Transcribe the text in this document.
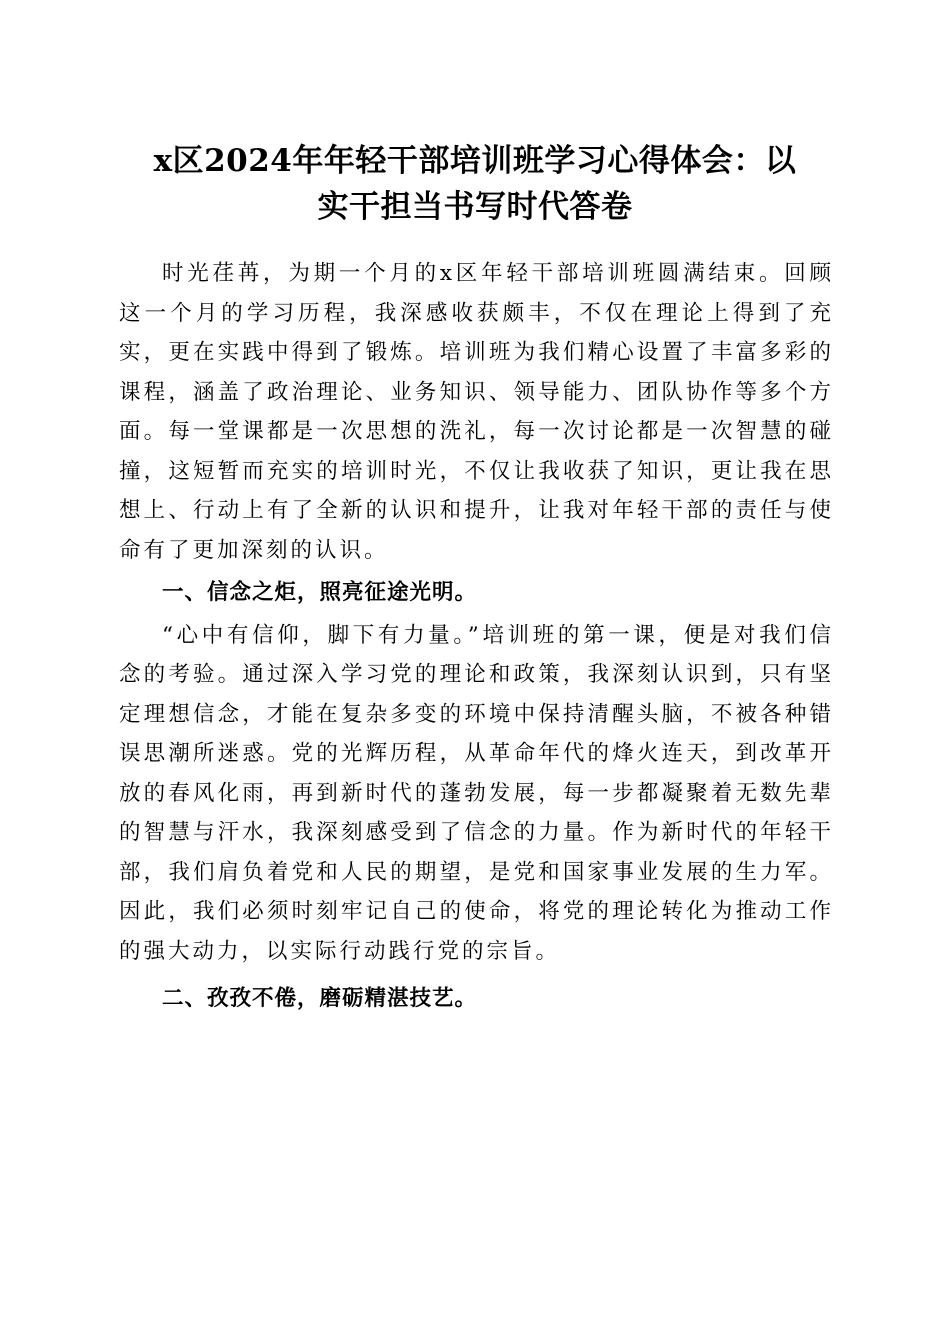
x区2024年年轻干部培训班学习心得体会：以
实干担当书写时代答卷

时光荏苒，为期一个月的x区年轻干部培训班圆满结束。回顾这一个月的学习历程，我深感收获颇丰，不仅在理论上得到了充实，更在实践中得到了锻炼。培训班为我们精心设置了丰富多彩的课程，涵盖了政治理论、业务知识、领导能力、团队协作等多个方面。每一堂课都是一次思想的洗礼，每一次讨论都是一次智慧的碰撞，这短暂而充实的培训时光，不仅让我收获了知识，更让我在思想上、行动上有了全新的认识和提升，让我对年轻干部的责任与使命有了更加深刻的认识。

一、信念之炬，照亮征途光明。

“心中有信仰，脚下有力量。”培训班的第一课，便是对我们信念的考验。通过深入学习党的理论和政策，我深刻认识到，只有坚定理想信念，才能在复杂多变的环境中保持清醒头脑，不被各种错误思潮所迷惑。党的光辉历程，从革命年代的烽火连天，到改革开放的春风化雨，再到新时代的蓬勃发展，每一步都凝聚着无数先辈的智慧与汗水，我深刻感受到了信念的力量。作为新时代的年轻干部，我们肩负着党和人民的期望，是党和国家事业发展的生力军。因此，我们必须时刻牢记自己的使命，将党的理论转化为推动工作的强大动力，以实际行动践行党的宗旨。

二、孜孜不倦，磨砺精湛技艺。
